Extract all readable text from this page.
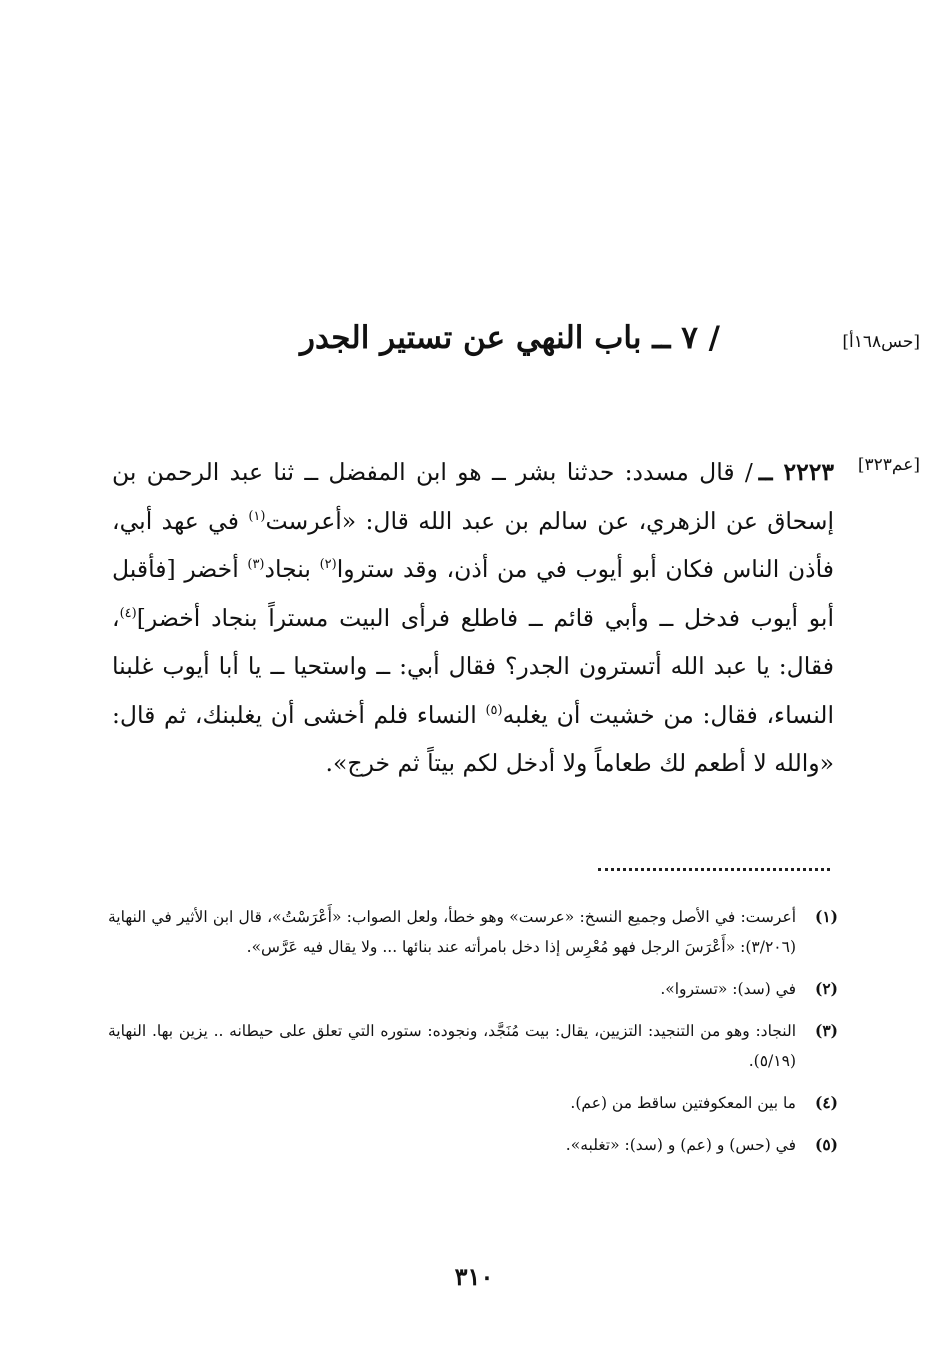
[حس١٦٨أ]
/ ٧ ــ باب النهي عن تستير الجدر
[عم٣٢٣]

٢٢٢٣ ــ/ قال مسدد: حدثنا بشر ــ هو ابن المفضل ــ ثنا عبد الرحمن بن إسحاق عن الزهري، عن سالم بن عبد الله قال: «أعرست$^{(١)}$ في عهد أبي، فأذن الناس فكان أبو أيوب في من أذن، وقد ستروا$^{(٢)}$ بنجاد$^{(٣)}$ أخضر [فأقبل أبو أيوب فدخل ــ وأبي قائم ــ فاطلع فرأى البيت مستراً بنجاد أخضر]$^{(٤)}$، فقال: يا عبد الله أتسترون الجدر؟ فقال أبي: ــ واستحيا ــ يا أبا أيوب غلبنا النساء، فقال: من خشيت أن يغلبه$^{(٥)}$ النساء فلم أخشى أن يغلبنك، ثم قال: «والله لا أطعم لك طعاماً ولا أدخل لكم بيتاً ثم خرج».

(١)
أعرست: في الأصل وجميع النسخ: «عرست» وهو خطأ، ولعل الصواب: «أَعْرَسْتُ»، قال ابن الأثير في النهاية (٣/٢٠٦): «أَعْرَسَ الرجل فهو مُعْرِس إذا دخل بامرأته عند بنائها ... ولا يقال فيه عَرَّس».
(٢)
في (سد): «تستروا».
(٣)
النجاد: وهو من التنجيد: التزيين، يقال: بيت مُنَجَّد، ونجوده: ستوره التي تعلق على حيطانه .. يزين بها. النهاية (٥/١٩).
(٤)
ما بين المعكوفتين ساقط من (عم).
(٥)
في (حس) و (عم) و (سد): «تغلبه».
٣١٠
